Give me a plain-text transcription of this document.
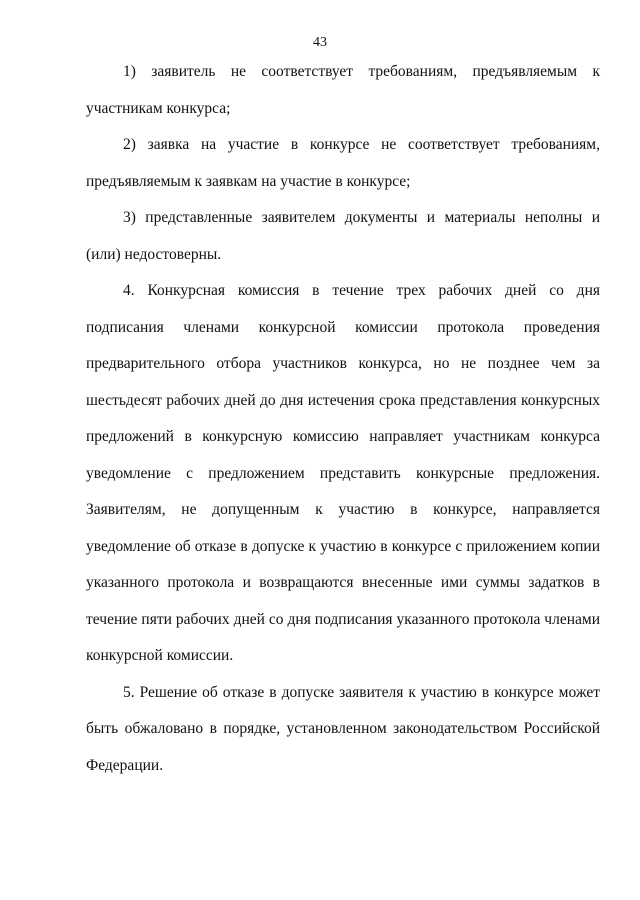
43

1) заявитель не соответствует требованиям, предъявляемым к участникам конкурса;

2) заявка на участие в конкурсе не соответствует требованиям, предъявляемым к заявкам на участие в конкурсе;

3) представленные заявителем документы и материалы неполны и (или) недостоверны.

4. Конкурсная комиссия в течение трех рабочих дней со дня подписания членами конкурсной комиссии протокола проведения предварительного отбора участников конкурса, но не позднее чем за шестьдесят рабочих дней до дня истечения срока представления конкурсных предложений в конкурсную комиссию направляет участникам конкурса уведомление с предложением представить конкурсные предложения. Заявителям, не допущенным к участию в конкурсе, направляется уведомление об отказе в допуске к участию в конкурсе с приложением копии указанного протокола и возвращаются внесенные ими суммы задатков в течение пяти рабочих дней со дня подписания указанного протокола членами конкурсной комиссии.

5. Решение об отказе в допуске заявителя к участию в конкурсе может быть обжаловано в порядке, установленном законодательством Российской Федерации.
